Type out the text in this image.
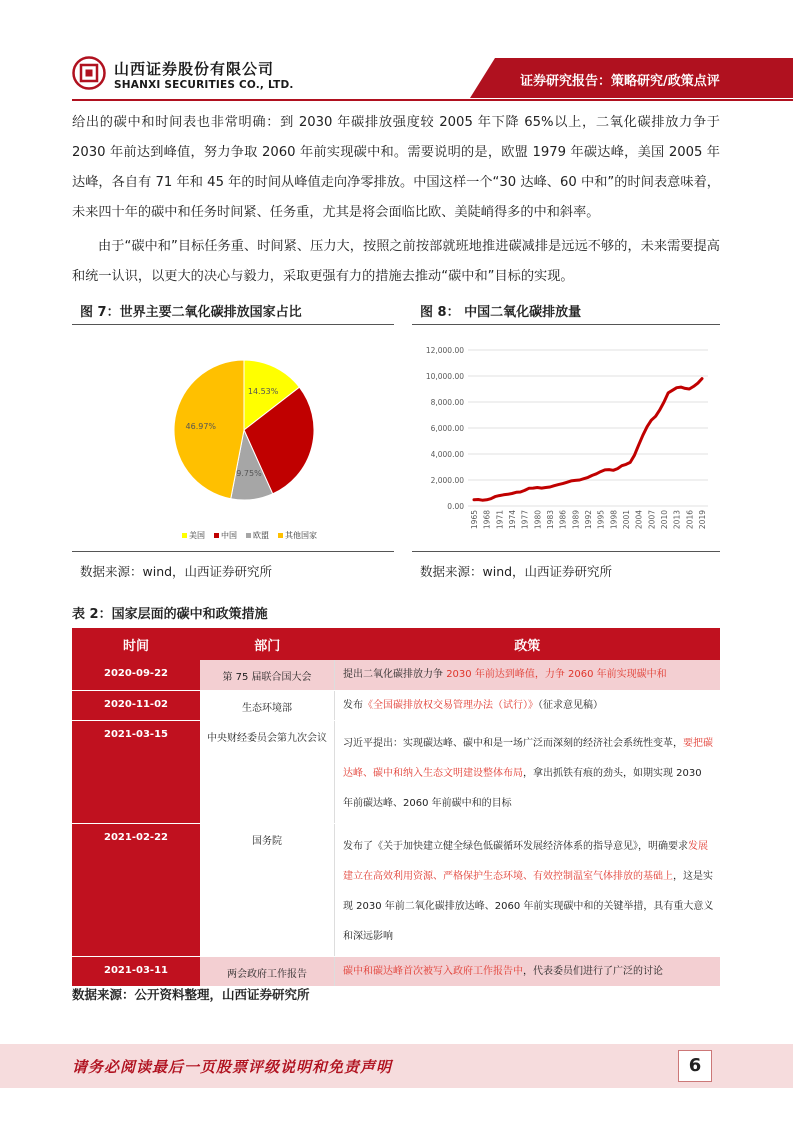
山西证券股份有限公司
SHANXI SECURITIES CO., LTD.	证券研究报告：策略研究/政策点评
给出的碳中和时间表也非常明确：到 2030 年碳排放强度较 2005 年下降 65%以上，二氧化碳排放力争于 2030 年前达到峰值，努力争取 2060 年前实现碳中和。需要说明的是，欧盟 1979 年碳达峰，美国 2005 年达峰，各自有 71 年和 45 年的时间从峰值走向净零排放。中国这样一个“30 达峰、60 中和”的时间表意味着，未来四十年的碳中和任务时间紧、任务重，尤其是将会面临比欧、美陡峭得多的中和斜率。
由于“碳中和”目标任务重、时间紧、压力大，按照之前按部就班地推进碳减排是远远不够的，未来需要提高和统一认识，以更大的决心与毅力，采取更强有力的措施去推动“碳中和”目标的实现。
图 7：世界主要二氧化碳排放国家占比
14.53%
9.75%
46.97%
美国 中国 欧盟 其他国家
数据来源：wind，山西证券研究所
图 8： 中国二氧化碳排放量
0.00
2,000.00
4,000.00
6,000.00
8,000.00
10,000.00
12,000.00
1965 1968 1971 1974 1977 1980 1983 1986 1989 1992 1995 1998 2001 2004 2007 2010 2013 2016 2019
数据来源：wind，山西证券研究所
表 2：国家层面的碳中和政策措施
时间	部门	政策
2020-09-22	第 75 届联合国大会	提出二氧化碳排放力争 2030 年前达到峰值，力争 2060 年前实现碳中和
2020-11-02	生态环境部	发布《全国碳排放权交易管理办法（试行）》（征求意见稿）
2021-03-15	中央财经委员会第九次会议	习近平提出：实现碳达峰、碳中和是一场广泛而深刻的经济社会系统性变革，要把碳达峰、碳中和纳入生态文明建设整体布局，拿出抓铁有痕的劲头，如期实现 2030 年前碳达峰、2060 年前碳中和的目标
2021-02-22	国务院	发布了《关于加快建立健全绿色低碳循环发展经济体系的指导意见》，明确要求发展建立在高效利用资源、严格保护生态环境、有效控制温室气体排放的基础上，这是实现 2030 年前二氧化碳排放达峰、2060 年前实现碳中和的关键举措，具有重大意义和深远影响
2021-03-11	两会政府工作报告	碳中和碳达峰首次被写入政府工作报告中，代表委员们进行了广泛的讨论
数据来源：公开资料整理，山西证券研究所
请务必阅读最后一页股票评级说明和免责声明	6
